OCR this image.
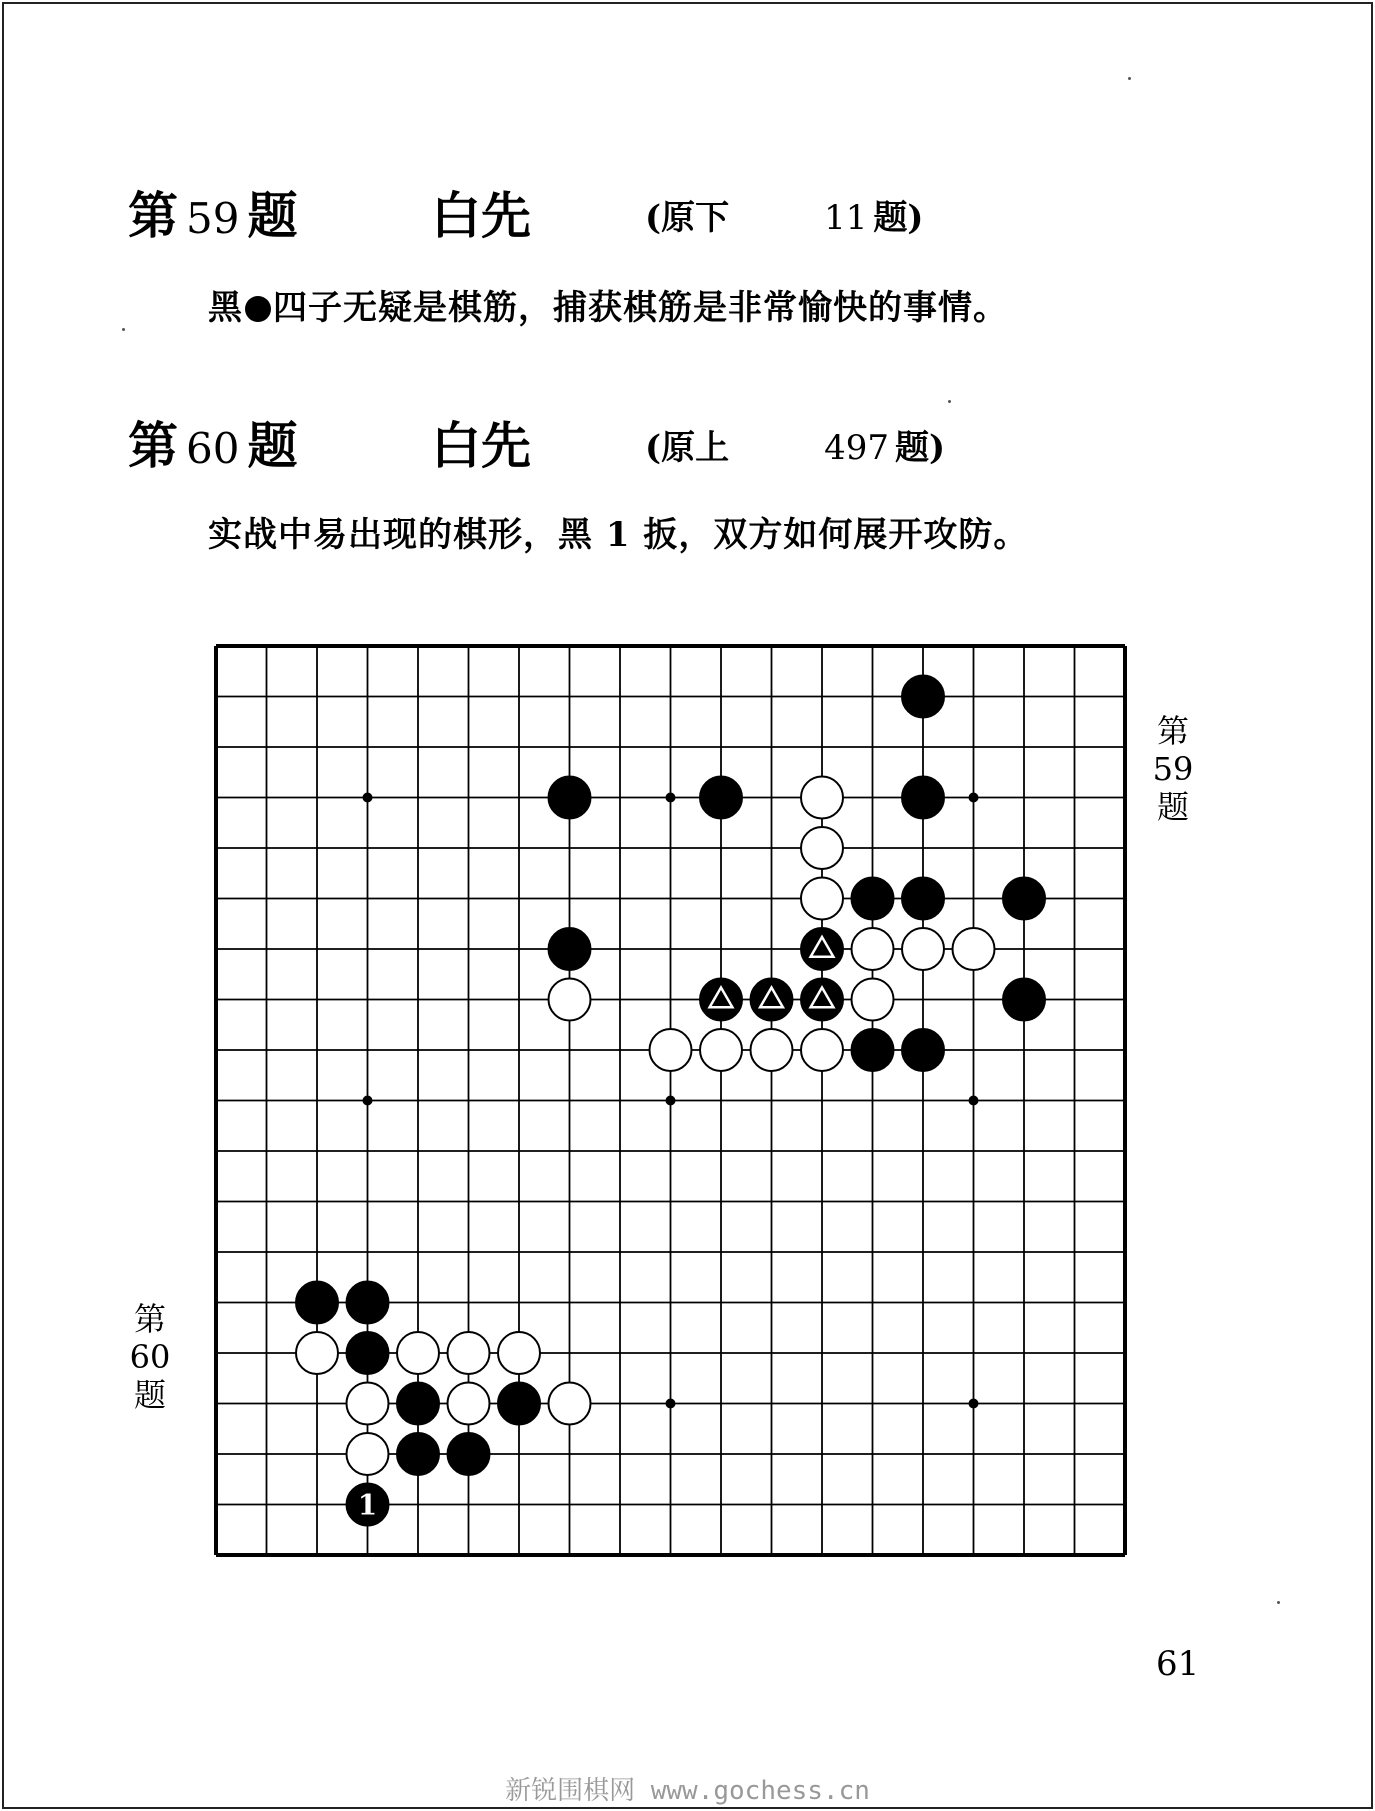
第 59 题	白先	(原下	11 题)
黑 四子无疑是棋筋，捕获棋筋是非常愉快的事情。
第 60 题	白先	(原上	497 题)
实战中易出现的棋形，黑 1 扳，双方如何展开攻防。
1
第
59
题
第
60
题
61
新锐围棋网 www.gochess.cn
